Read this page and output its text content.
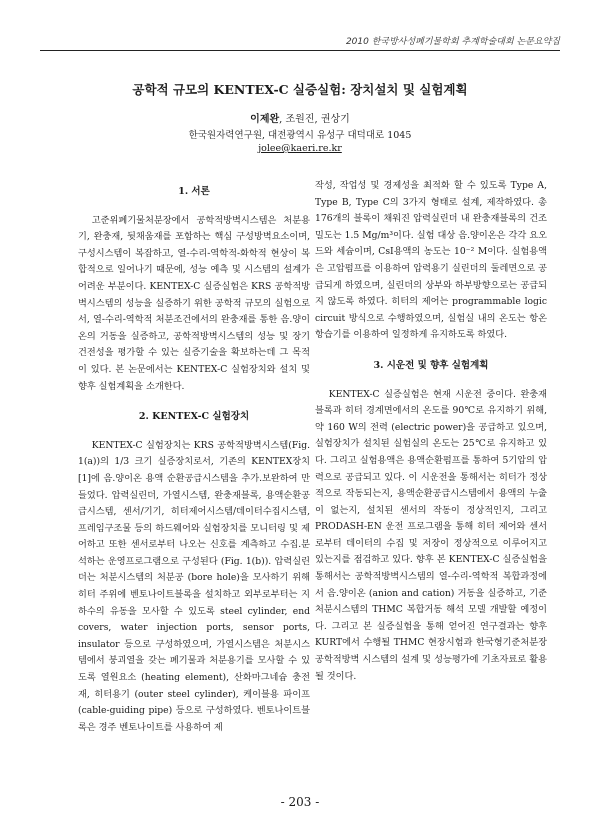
2010 한국방사성폐기물학회 추계학술대회 논문요약집
공학적 규모의 KENTEX-C 실증실험: 장치설치 및 실험계획
이제완, 조원진, 권상기
한국원자력연구원, 대전광역시 유성구 대덕대로 1045
jolee@kaeri.re.kr
1. 서론

고준위폐기물처분장에서 공학적방벽시스템은 처분용기, 완충재, 뒷채움재를 포함하는 핵심 구성방벽요소이며, 구성시스템이 복잡하고, 열-수리-역학적-화학적 현상이 복합적으로 일어나기 때문에, 성능 예측 및 시스템의 설계가 어려운 부분이다. KENTEX-C 실증실험은 KRS 공학적방벽시스템의 성능을 실증하기 위한 공학적 규모의 실험으로서, 열-수리-역학적 처분조건에서의 완충재를 통한 음.양이온의 거동을 실증하고, 공학적방벽시스템의 성능 및 장기 건전성을 평가할 수 있는 실증기술을 확보하는데 그 목적이 있다. 본 논문에서는 KENTEX-C 실험장치와 설치 및 향후 실험계획을 소개한다.

2. KENTEX-C 실험장치

KENTEX-C 실험장치는 KRS 공학적방벽시스템(Fig. 1(a))의 1/3 크기 실증장치로서, 기존의 KENTEX장치 [1]에 음.양이온 용액 순환공급시스템을 추가.보완하여 만들었다. 압력실린더, 가열시스템, 완충재블록, 용액순환공급시스템, 센서/기기, 히터제어시스템/데이터수집시스템, 프레임구조물 등의 하드웨어와 실험장치를 모니터링 및 제어하고 또한 센서로부터 나오는 신호를 계측하고 수집.분석하는 운영프로그램으로 구성된다 (Fig. 1(b)). 압력실린더는 처분시스템의 처분공 (bore hole)을 모사하기 위해 히터 주위에 벤토나이트블록을 설치하고 외부로부터는 지하수의 유동을 모사할 수 있도록 steel cylinder, end covers, water injection ports, sensor ports, insulator 등으로 구성하였으며, 가열시스템은 처분시스템에서 붕괴열을 갖는 폐기물과 처분용기를 모사할 수 있도록 열원요소 (heating element), 산화마그네슘 충전재, 히터용기 (outer steel cylinder), 케이블용 파이프 (cable-guiding pipe) 등으로 구성하였다. 벤토나이트블록은 경주 벤토나이트를 사용하여 제

작성, 작업성 및 경제성을 최적화 할 수 있도록 Type A, Type B, Type C의 3가지 형태로 설계, 제작하였다. 총 176개의 블록이 채워진 압력실린더 내 완충재블록의 건조밀도는 1.5 Mg/m³이다. 실험 대상 음.양이온은 각각 요오드와 세슘이며, CsI용액의 농도는 10⁻² M이다. 실험용액은 고압펌프를 이용하여 압력용기 실린더의 둘레면으로 공급되게 하였으며, 실린더의 상부와 하부방향으로는 공급되지 않도록 하였다. 히터의 제어는 programmable logic circuit 방식으로 수행하였으며, 실험실 내의 온도는 항온항습기를 이용하여 일정하게 유지하도록 하였다.

3. 시운전 및 향후 실험계획

KENTEX-C 실증실험은 현재 시운전 중이다. 완충재 블록과 히터 경계면에서의 온도를 90℃로 유지하기 위해, 약 160 W의 전력 (electric power)을 공급하고 있으며, 실험장치가 설치된 실험실의 온도는 25℃로 유지하고 있다. 그리고 실험용액은 용액순환펌프를 통하여 5기압의 압력으로 공급되고 있다. 이 시운전을 통해서는 히터가 정상적으로 작동되는지, 용액순환공급시스템에서 용액의 누출이 없는지, 설치된 센서의 작동이 정상적인지, 그리고 PRODASH-EN 운전 프로그램을 통해 히터 제어와 센서로부터 데이터의 수집 및 저장이 정상적으로 이루어지고 있는지를 점검하고 있다. 향후 본 KENTEX-C 실증실험을 통해서는 공학적방벽시스템의 열-수리-역학적 복합과정에서 음.양이온 (anion and cation) 거동을 실증하고, 기준처분시스템의 THMC 복합거동 해석 모델 개발할 예정이다. 그리고 본 실증실험을 통해 얻어진 연구결과는 향후 KURT에서 수행될 THMC 현장시험과 한국형기준처분장 공학적방벽 시스템의 설계 및 성능평가에 기초자료로 활용될 것이다.

- 203 -
